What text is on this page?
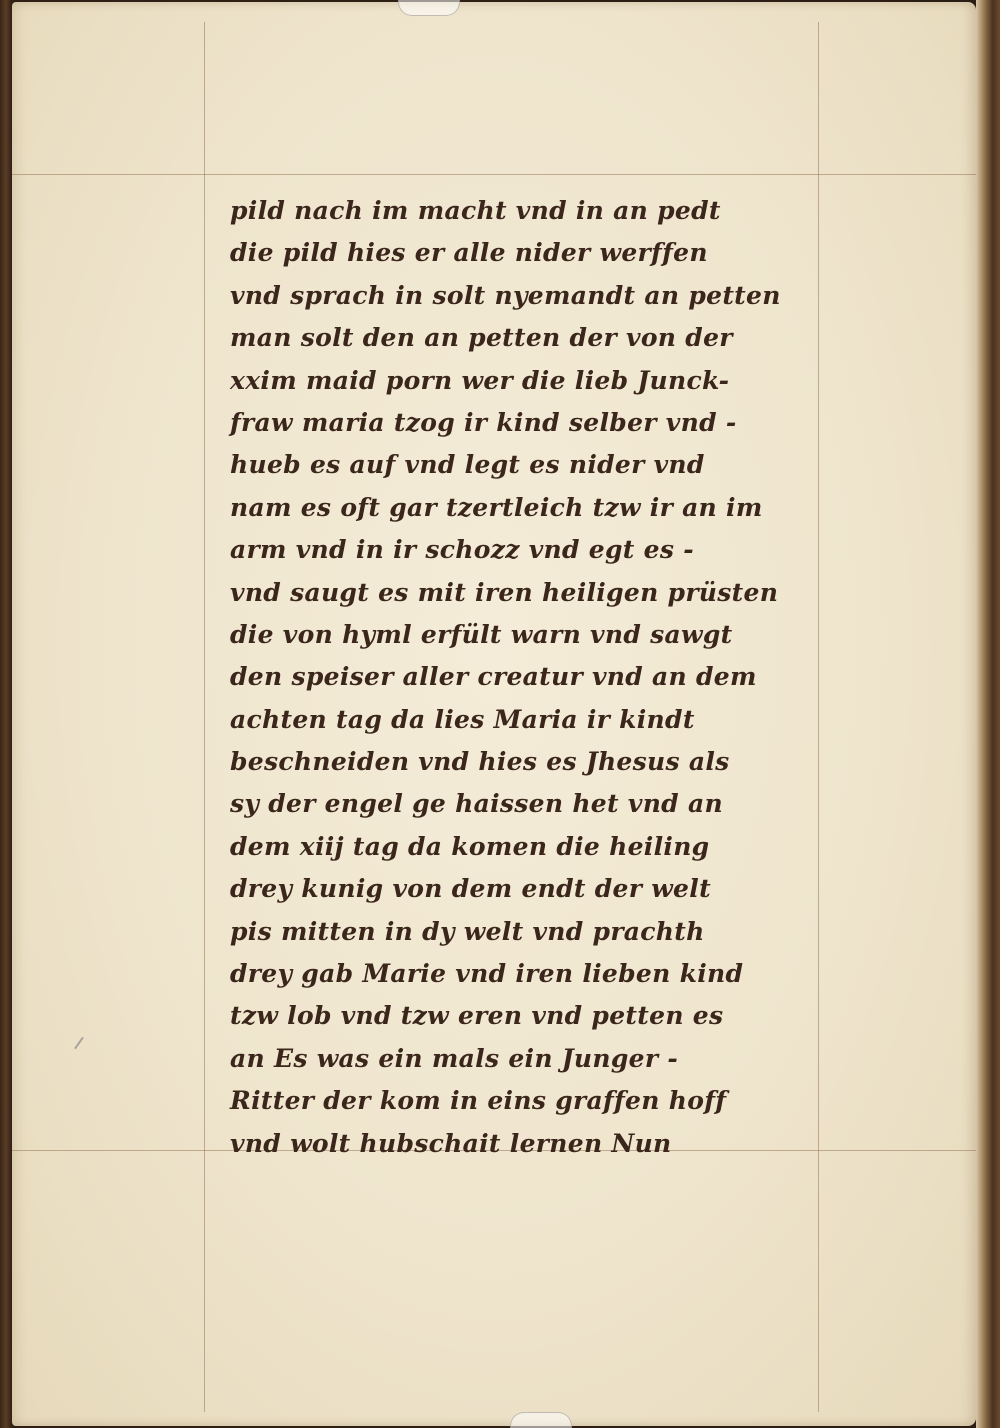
pild nach im macht vnd in an pedt
die pild hies er alle nider werffen
vnd sprach in solt nyemandt an petten
man solt den an petten der von der
xxim maid porn wer die lieb Junck-
fraw maria tzog ir kind selber vnd -
hueb es auf vnd legt es nider vnd
nam es oft gar tzertleich tzw ir an im
arm vnd in ir schozz vnd egt es -
vnd saugt es mit iren heiligen prüsten
die von hyml erfült warn vnd sawgt
den speiser aller creatur vnd an dem
achten tag da lies Maria ir kindt
beschneiden vnd hies es Jhesus als
sy der engel ge haissen het vnd an
dem xiij tag da komen die heiling
drey kunig von dem endt der welt
pis mitten in dy welt vnd prachth
drey gab Marie vnd iren lieben kind
tzw lob vnd tzw eren vnd petten es
an Es was ein mals ein Junger -
Ritter der kom in eins graffen hoff
vnd wolt hubschait lernen Nun
